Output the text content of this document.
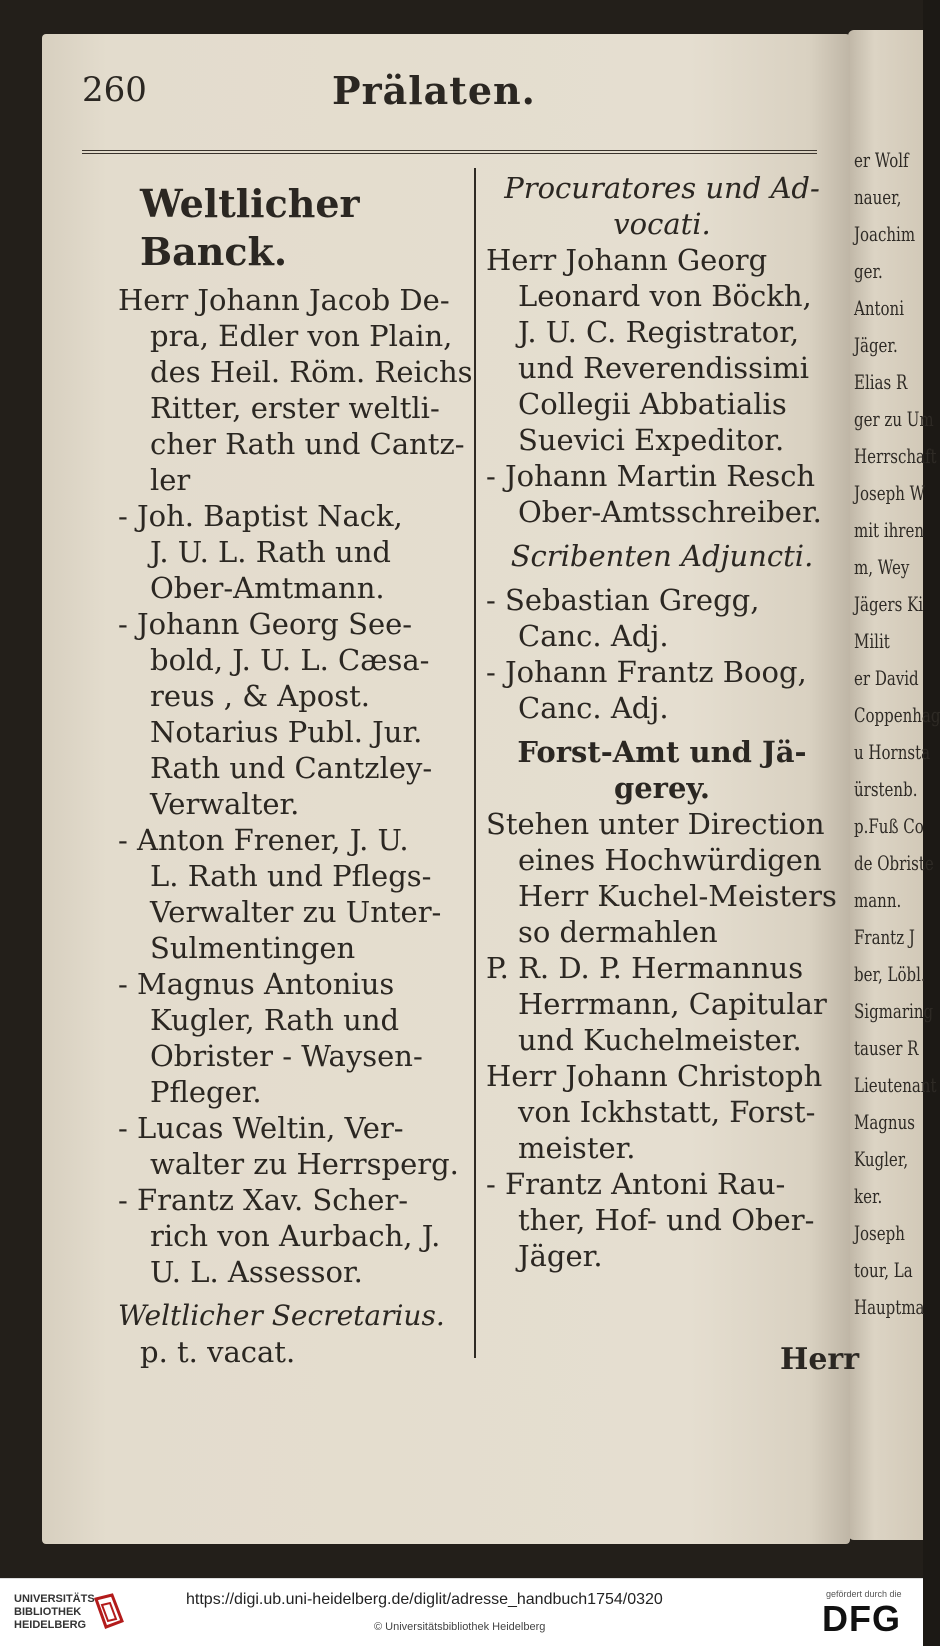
er Wolf
nauer,
Joachim
ger.
Antoni
Jäger.
Elias R
ger zu Um
Herrschaft
Joseph W
mit ihren
m, Wey
Jägers Ki
Milit
er David
Coppenhag
u Hornsta
ürstenb.
p.Fuß Co
de Obriste
mann.
Frantz J
ber, Löbl.
Sigmaring
tauser R
Lieutenant
Magnus
Kugler,
ker.
Joseph
tour, La
Hauptma
260	Prälaten.
Weltlicher Banck.
Herr Johann Jacob De-
pra, Edler von Plain,
des Heil. Röm. Reichs
Ritter, erster weltli-
cher Rath und Cantz-
ler
- Joh. Baptist Nack,
J. U. L. Rath und
Ober-Amtmann.
- Johann Georg See-
bold, J. U. L. Cæsa-
reus , & Apost.
Notarius Publ. Jur.
Rath und Cantzley-
Verwalter.
- Anton Frener, J. U.
L. Rath und Pflegs-
Verwalter zu Unter-
Sulmentingen
- Magnus Antonius
Kugler, Rath und
Obrister - Waysen-
Pfleger.
- Lucas Weltin, Ver-
walter zu Herrsperg.
- Frantz Xav. Scher-
rich von Aurbach, J.
U. L. Assessor.
Weltlicher Secretarius.
p. t. vacat.
Procuratores und Ad-
vocati.
Herr Johann Georg
Leonard von Böckh,
J. U. C. Registrator,
und Reverendissimi
Collegii Abbatialis
Suevici Expeditor.
- Johann Martin Resch
Ober-Amtsschreiber.
Scribenten Adjuncti.
- Sebastian Gregg,
Canc. Adj.
- Johann Frantz Boog,
Canc. Adj.
Forst-Amt und Jä-
gerey.
Stehen unter Direction
eines Hochwürdigen
Herr Kuchel-Meisters
so dermahlen
P. R. D. P. Hermannus
Herrmann, Capitular
und Kuchelmeister.
Herr Johann Christoph
von Ickhstatt, Forst-
meister.
- Frantz Antoni Rau-
ther, Hof- und Ober-
Jäger.
Herr
UNIVERSITÄTS-
BIBLIOTHEK
HEIDELBERG
https://digi.ub.uni-heidelberg.de/diglit/adresse_handbuch1754/0320
© Universitätsbibliothek Heidelberg
gefördert durch die
DFG
